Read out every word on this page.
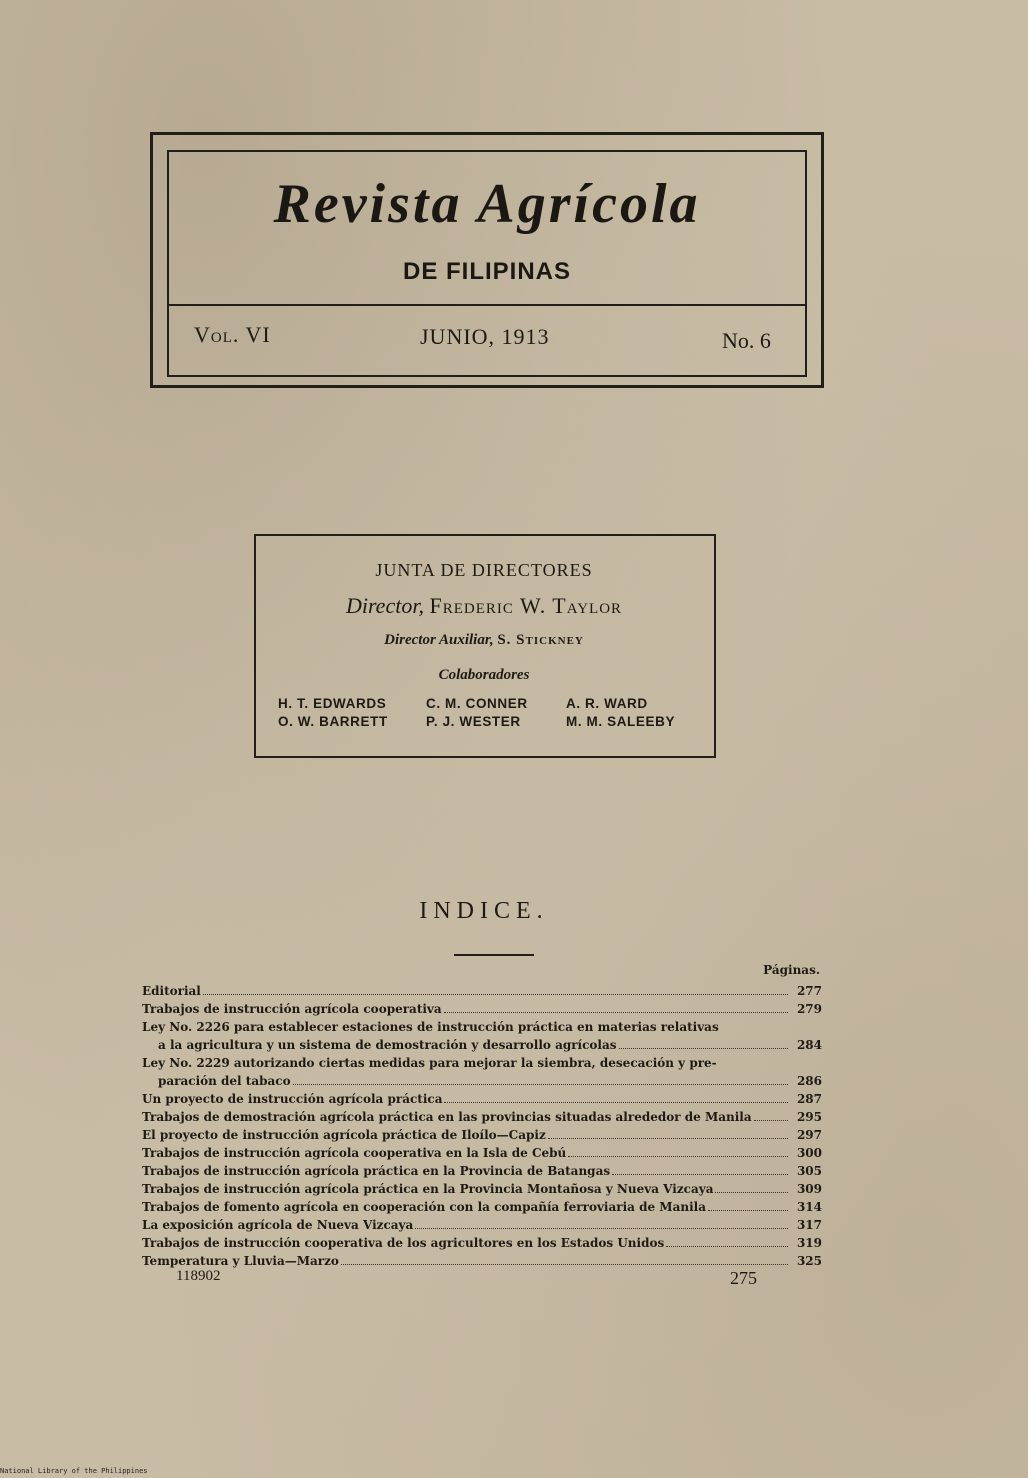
Revista Agrícola
DE FILIPINAS
Vol. VI	JUNIO, 1913	No. 6
JUNTA DE DIRECTORES
Director, Frederic W. Taylor
Director Auxiliar, S. Stickney
Colaboradores
H. T. EDWARDS	C. M. CONNER	A. R. WARD
O. W. BARRETT	P. J. WESTER	M. M. SALEEBY
INDICE.
Páginas.
Editorial	277
Trabajos de instrucción agrícola cooperativa	279
Ley No. 2226 para establecer estaciones de instrucción práctica en materias relativas
a la agricultura y un sistema de demostración y desarrollo agrícolas	284
Ley No. 2229 autorizando ciertas medidas para mejorar la siembra, desecación y pre-
paración del tabaco	286
Un proyecto de instrucción agrícola práctica	287
Trabajos de demostración agrícola práctica en las provincias situadas alrededor de Manila	295
El proyecto de instrucción agrícola práctica de Iloílo—Capiz	297
Trabajos de instrucción agrícola cooperativa en la Isla de Cebú	300
Trabajos de instrucción agrícola práctica en la Provincia de Batangas	305
Trabajos de instrucción agrícola práctica en la Provincia Montañosa y Nueva Vizcaya	309
Trabajos de fomento agrícola en cooperación con la compañía ferroviaria de Manila	314
La exposición agrícola de Nueva Vizcaya	317
Trabajos de instrucción cooperativa de los agricultores en los Estados Unidos	319
Temperatura y Lluvia—Marzo	325
118902	275
National Library of the Philippines
